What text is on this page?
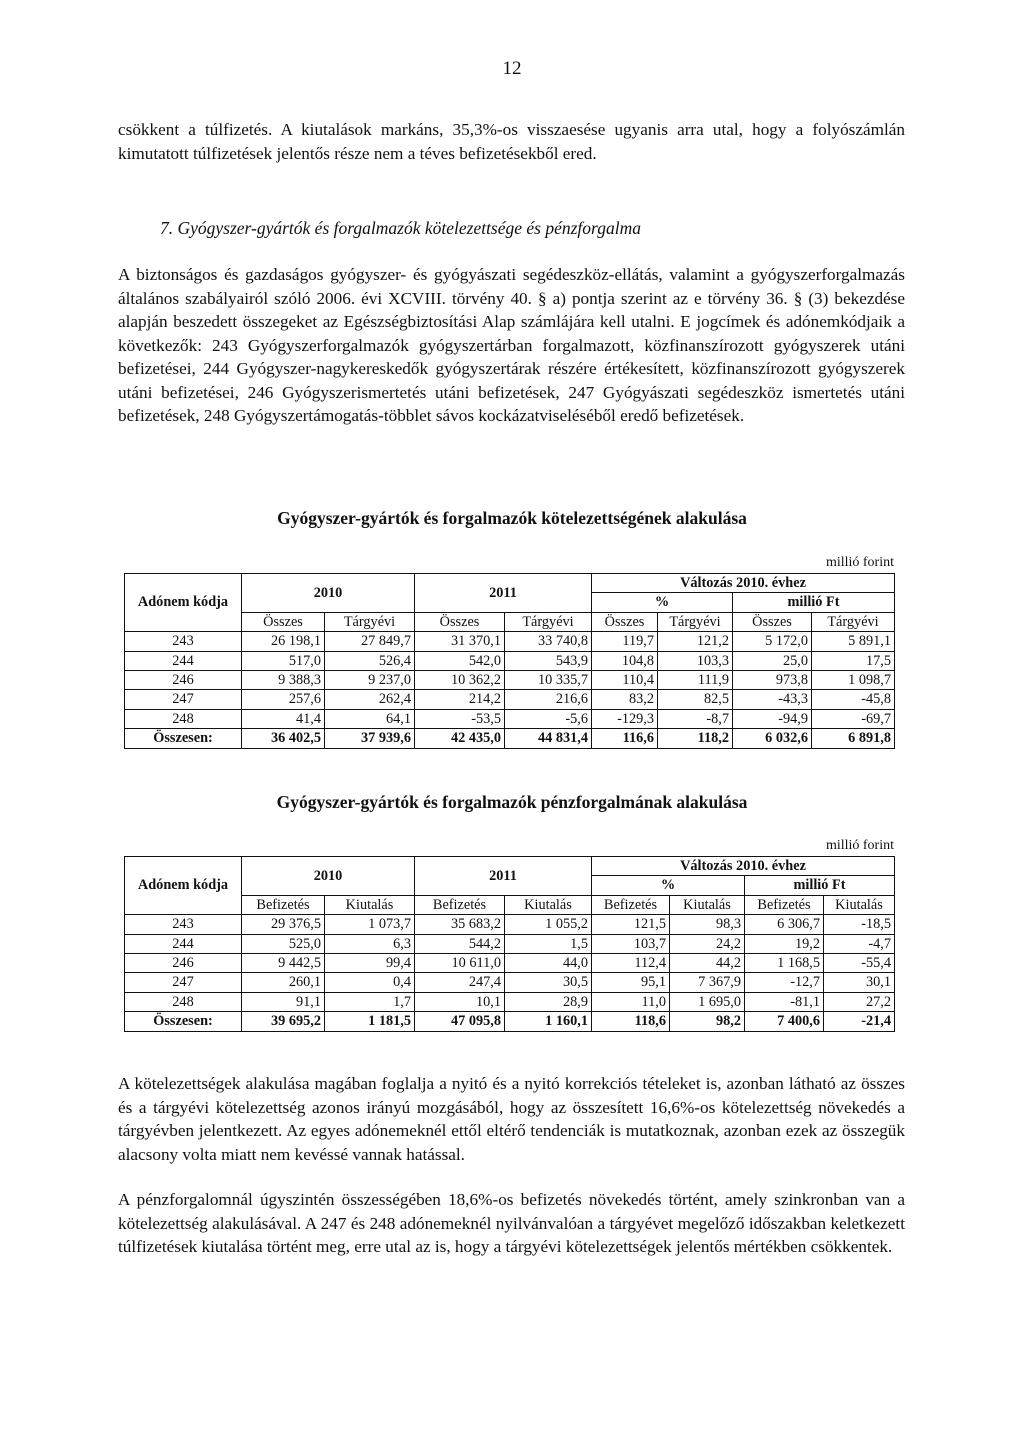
12

csökkent a túlfizetés. A kiutalások markáns, 35,3%-os visszaesése ugyanis arra utal, hogy a folyószámlán kimutatott túlfizetések jelentős része nem a téves befizetésekből ered.

7. Gyógyszer-gyártók és forgalmazók kötelezettsége és pénzforgalma

A biztonságos és gazdaságos gyógyszer- és gyógyászati segédeszköz-ellátás, valamint a gyógyszerforgalmazás általános szabályairól szóló 2006. évi XCVIII. törvény 40. § a) pontja szerint az e törvény 36. § (3) bekezdése alapján beszedett összegeket az Egészségbiztosítási Alap számlájára kell utalni. E jogcímek és adónemkódjaik a következők: 243 Gyógyszerforgalmazók gyógyszertárban forgalmazott, közfinanszírozott gyógyszerek utáni befizetései, 244 Gyógyszer-nagykereskedők gyógyszertárak részére értékesített, közfinanszírozott gyógyszerek utáni befizetései, 246 Gyógyszerismertetés utáni befizetések, 247 Gyógyászati segédeszköz ismertetés utáni befizetések, 248 Gyógyszertámogatás-többlet sávos kockázatviseléséből eredő befizetések.

Gyógyszer-gyártók és forgalmazók kötelezettségének alakulása

millió forint
Adónem kódja	2010		2011		Változás 2010. évhez			
					%		millió Ft	
	Összes	Tárgyévi	Összes	Tárgyévi	Összes	Tárgyévi	Összes	Tárgyévi
243	26 198,1	27 849,7	31 370,1	33 740,8	119,7	121,2	5 172,0	5 891,1
244	517,0	526,4	542,0	543,9	104,8	103,3	25,0	17,5
246	9 388,3	9 237,0	10 362,2	10 335,7	110,4	111,9	973,8	1 098,7
247	257,6	262,4	214,2	216,6	83,2	82,5	-43,3	-45,8
248	41,4	64,1	-53,5	-5,6	-129,3	-8,7	-94,9	-69,7
Összesen:	36 402,5	37 939,6	42 435,0	44 831,4	116,6	118,2	6 032,6	6 891,8

Gyógyszer-gyártók és forgalmazók pénzforgalmának alakulása

millió forint
Adónem kódja	2010		2011		Változás 2010. évhez			
					%		millió Ft	
	Befizetés	Kiutalás	Befizetés	Kiutalás	Befizetés	Kiutalás	Befizetés	Kiutalás
243	29 376,5	1 073,7	35 683,2	1 055,2	121,5	98,3	6 306,7	-18,5
244	525,0	6,3	544,2	1,5	103,7	24,2	19,2	-4,7
246	9 442,5	99,4	10 611,0	44,0	112,4	44,2	1 168,5	-55,4
247	260,1	0,4	247,4	30,5	95,1	7 367,9	-12,7	30,1
248	91,1	1,7	10,1	28,9	11,0	1 695,0	-81,1	27,2
Összesen:	39 695,2	1 181,5	47 095,8	1 160,1	118,6	98,2	7 400,6	-21,4

A kötelezettségek alakulása magában foglalja a nyitó és a nyitó korrekciós tételeket is, azonban látható az összes és a tárgyévi kötelezettség azonos irányú mozgásából, hogy az összesített 16,6%-os kötelezettség növekedés a tárgyévben jelentkezett. Az egyes adónemeknél ettől eltérő tendenciák is mutatkoznak, azonban ezek az összegük alacsony volta miatt nem kevéssé vannak hatással.

A pénzforgalomnál úgyszintén összességében 18,6%-os befizetés növekedés történt, amely szinkronban van a kötelezettség alakulásával. A 247 és 248 adónemeknél nyilvánvalóan a tárgyévet megelőző időszakban keletkezett túlfizetések kiutalása történt meg, erre utal az is, hogy a tárgyévi kötelezettségek jelentős mértékben csökkentek.
